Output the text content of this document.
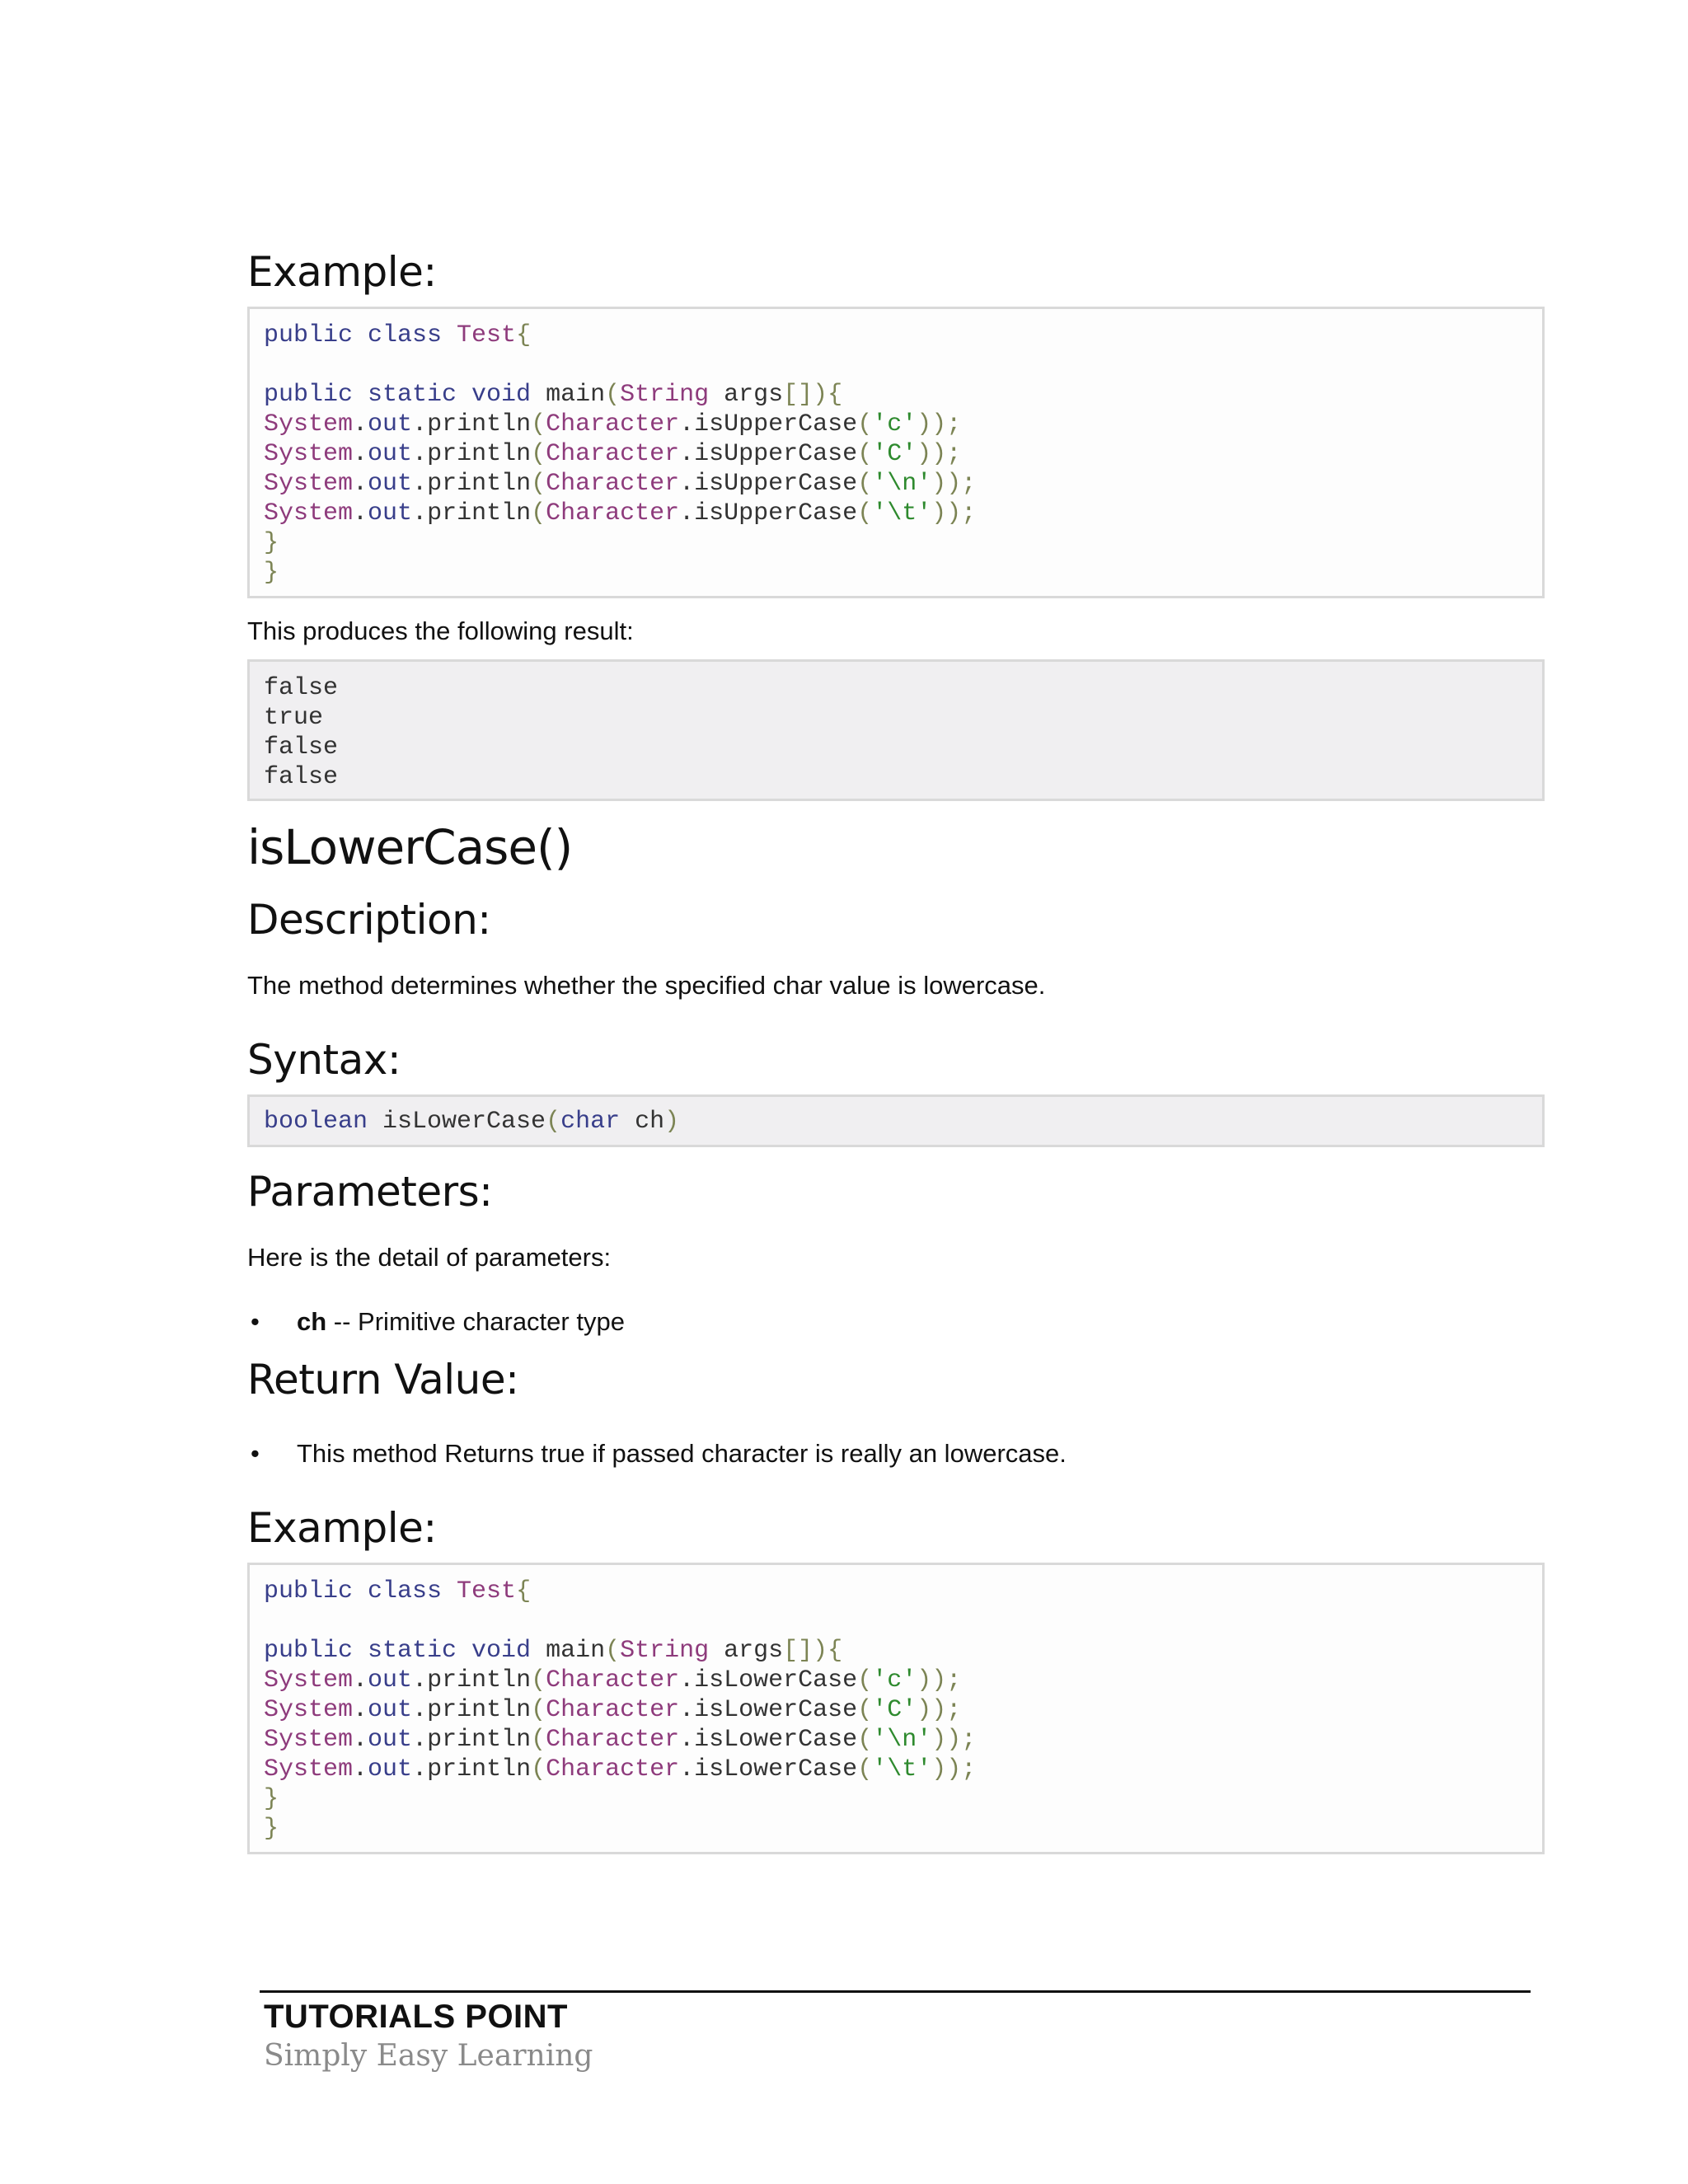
Example:
public class Test{
public static void main(String args[]){
System.out.println(Character.isUpperCase('c'));
System.out.println(Character.isUpperCase('C'));
System.out.println(Character.isUpperCase('\n'));
System.out.println(Character.isUpperCase('\t'));
}
}

This produces the following result:

false
true
false
false
isLowerCase()
Description:

The method determines whether the specified char value is lowercase.

Syntax:
boolean isLowerCase(char ch)
Parameters:

Here is the detail of parameters:

• ch -- Primitive character type
Return Value:
• This method Returns true if passed character is really an lowercase.
Example:
public class Test{
public static void main(String args[]){
System.out.println(Character.isLowerCase('c'));
System.out.println(Character.isLowerCase('C'));
System.out.println(Character.isLowerCase('\n'));
System.out.println(Character.isLowerCase('\t'));
}
}
TUTORIALS POINT
Simply Easy Learning
